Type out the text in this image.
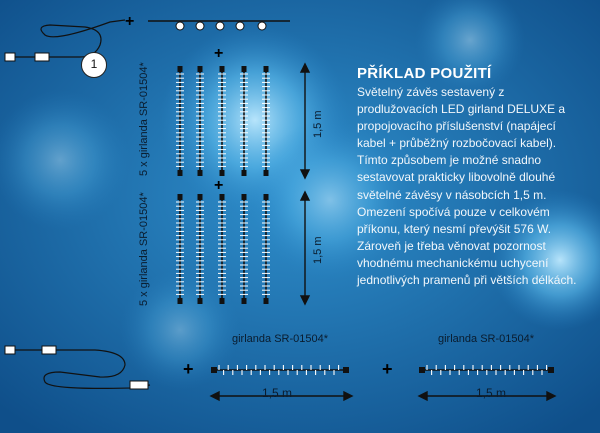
+
+
+
+	+
1
PŘÍKLAD POUŽITÍ
Světelný závěs sestavený z prodlužovacích LED girland DELUXE a propojovacího příslušenství (napájecí kabel + průběžný rozbočovací kabel). Tímto způsobem je možné snadno sestavovat prakticky libovolně dlouhé světelné závěsy v násobcích 1,5 m. Omezení spočívá pouze v celkovém příkonu, který nesmí převýšit 576 W. Zároveň je třeba věnovat pozornost vhodnému mechanickému uchycení jednotlivých pramenů při větších délkách.
5 x girlanda SR-01504*
5 x girlanda SR-01504*
1,5 m
1,5 m
girlanda SR-01504*	girlanda SR-01504*
1,5 m	1,5 m
